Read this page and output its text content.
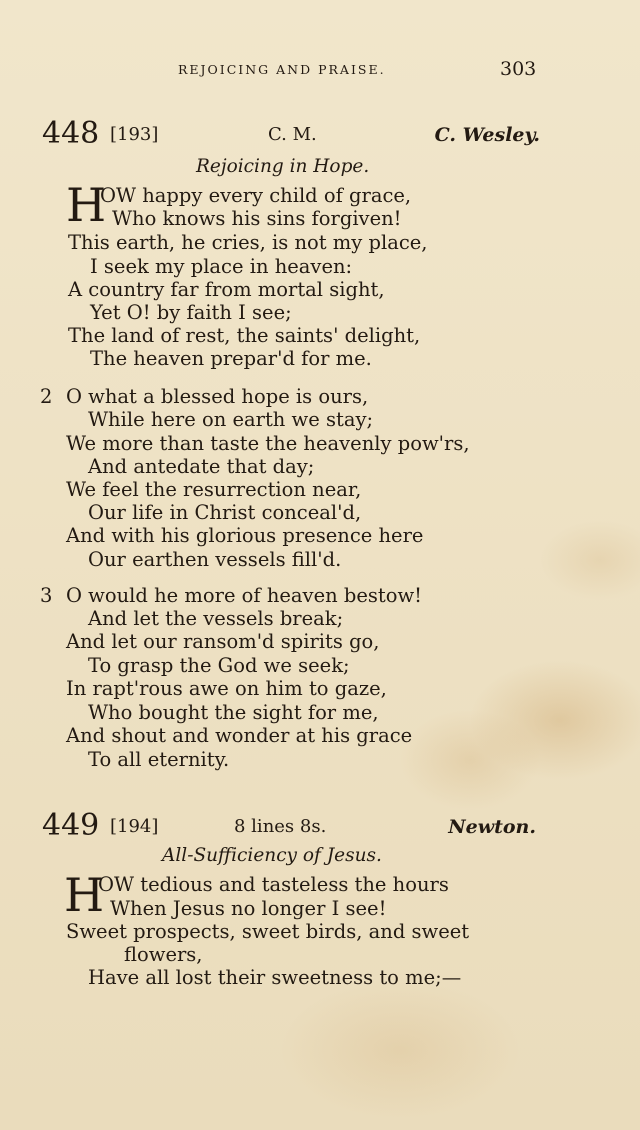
REJOICING AND PRAISE.	303
448 [193]	C. M.	C. Wesley.
Rejoicing in Hope.
H
OW happy every child of grace,
Who knows his sins forgiven!
This earth, he cries, is not my place,
I seek my place in heaven:
A country far from mortal sight,
Yet O! by faith I see;
The land of rest, the saints' delight,
The heaven prepar'd for me.
2 O what a blessed hope is ours,
While here on earth we stay;
We more than taste the heavenly pow'rs,
And antedate that day;
We feel the resurrection near,
Our life in Christ conceal'd,
And with his glorious presence here
Our earthen vessels fill'd.
3 O would he more of heaven bestow!
And let the vessels break;
And let our ransom'd spirits go,
To grasp the God we seek;
In rapt'rous awe on him to gaze,
Who bought the sight for me,
And shout and wonder at his grace
To all eternity.
449 [194]	8 lines 8s.	Newton.
All-Sufficiency of Jesus.
H
OW tedious and tasteless the hours
When Jesus no longer I see!
Sweet prospects, sweet birds, and sweet
flowers,
Have all lost their sweetness to me;—
